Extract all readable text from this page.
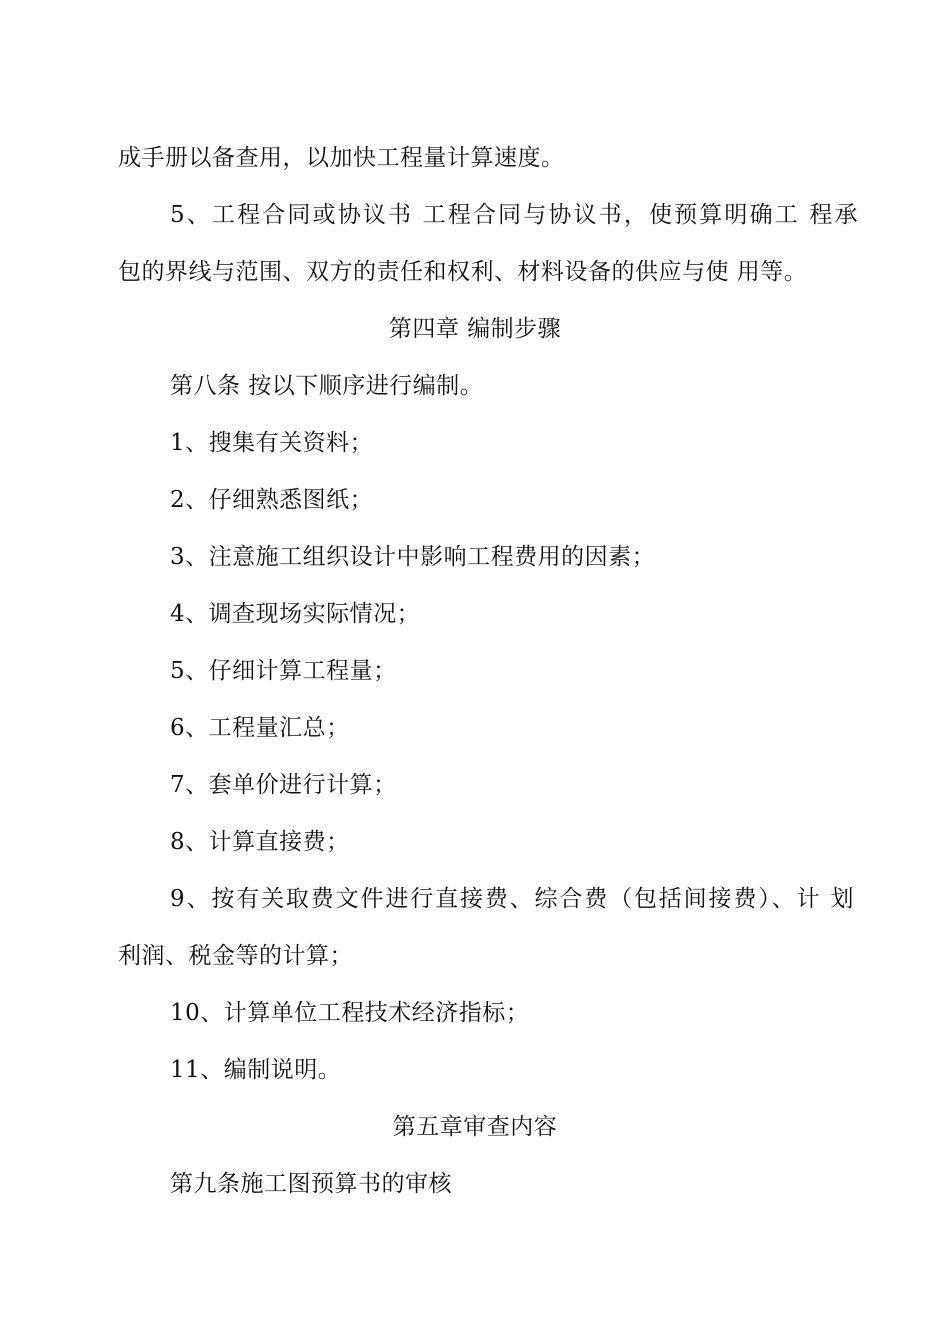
成手册以备查用，以加快工程量计算速度。
5、工程合同或协议书 工程合同与协议书，使预算明确工 程承
包的界线与范围、双方的责任和权利、材料设备的供应与使 用等。
第四章 编制步骤
第八条 按以下顺序进行编制。
1、搜集有关资料；
2、仔细熟悉图纸；
3、注意施工组织设计中影响工程费用的因素；
4、调查现场实际情况；
5、仔细计算工程量；
6、工程量汇总；
7、套单价进行计算；
8、计算直接费；
9、按有关取费文件进行直接费、综合费（包括间接费）、计 划
利润、税金等的计算；
10、计算单位工程技术经济指标；
11、编制说明。
第五章审查内容
第九条施工图预算书的审核
